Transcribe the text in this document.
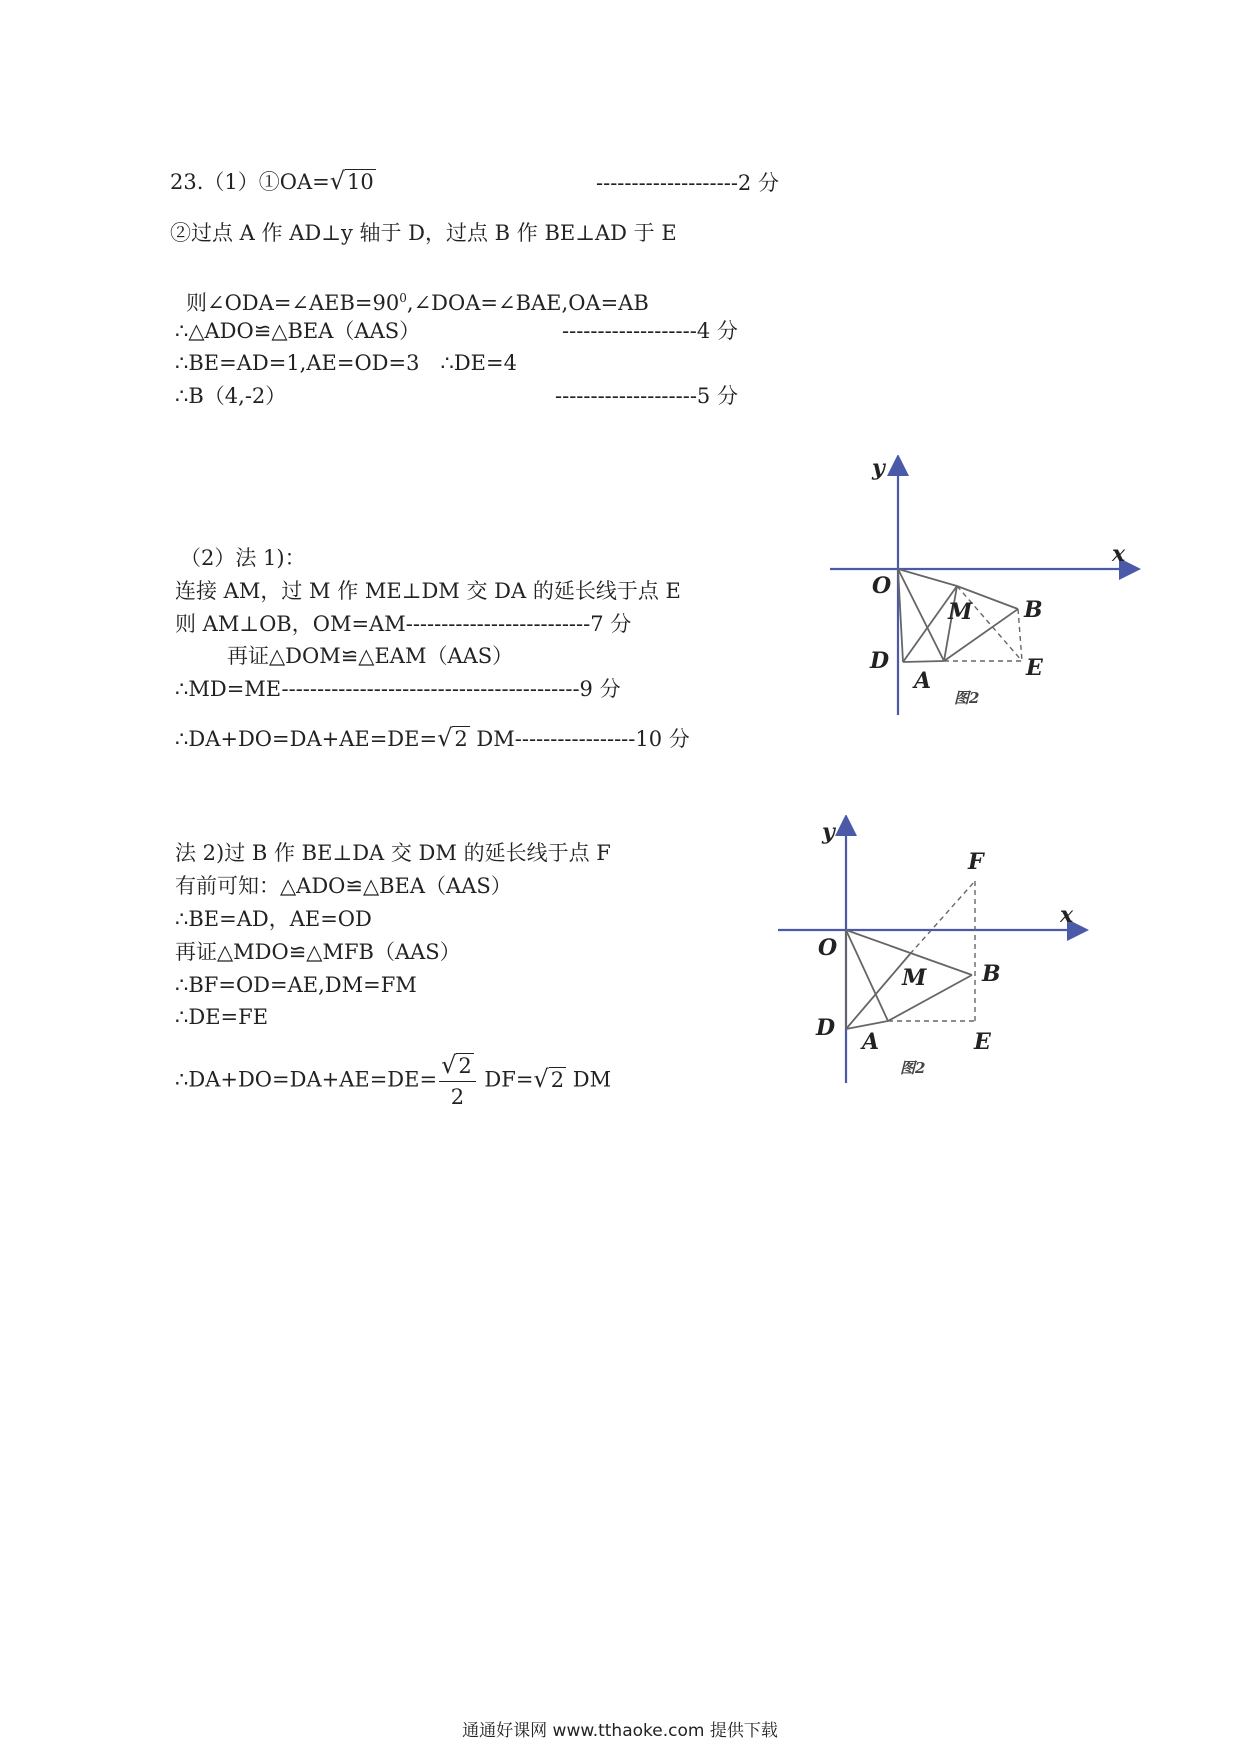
23.（1）①OA=√10	--------------------2 分
②过点 A 作 AD⊥y 轴于 D，过点 B 作 BE⊥AD 于 E
则$\angle ODA=\angle AEB=90^0,\angle DOA=\angle BAE,OA=AB$
∴△ADO≌△BEA（AAS）	-------------------4 分
∴BE=AD=1,AE=OD=3　∴DE=4
∴B（4,-2）	--------------------5 分
（2）法 1)：
连接 AM，过 M 作 ME⊥DM 交 DA 的延长线于点 E
则 AM⊥OB，OM=AM--------------------------7 分
再证△DOM≌△EAM（AAS）
∴MD=ME------------------------------------------9 分
∴DA+DO=DA+AE=DE=√2 DM-----------------10 分
y
x
O
M B
D
A	E
图2
法 2)过 B 作 BE⊥DA 交 DM 的延长线于点 F
有前可知：△ADO≌△BEA（AAS）
∴BE=AD，AE=OD
再证△MDO≌△MFB（AAS）
∴BF=OD=AE,DM=FM
∴DE=FE
∴DA+DO=DA+AE=DE= $\frac{√2}{2} DF=√2$ DM
y
x
F
O
M	B
D
A	E
图2
通通好课网 www.tthaoke.com 提供下载
